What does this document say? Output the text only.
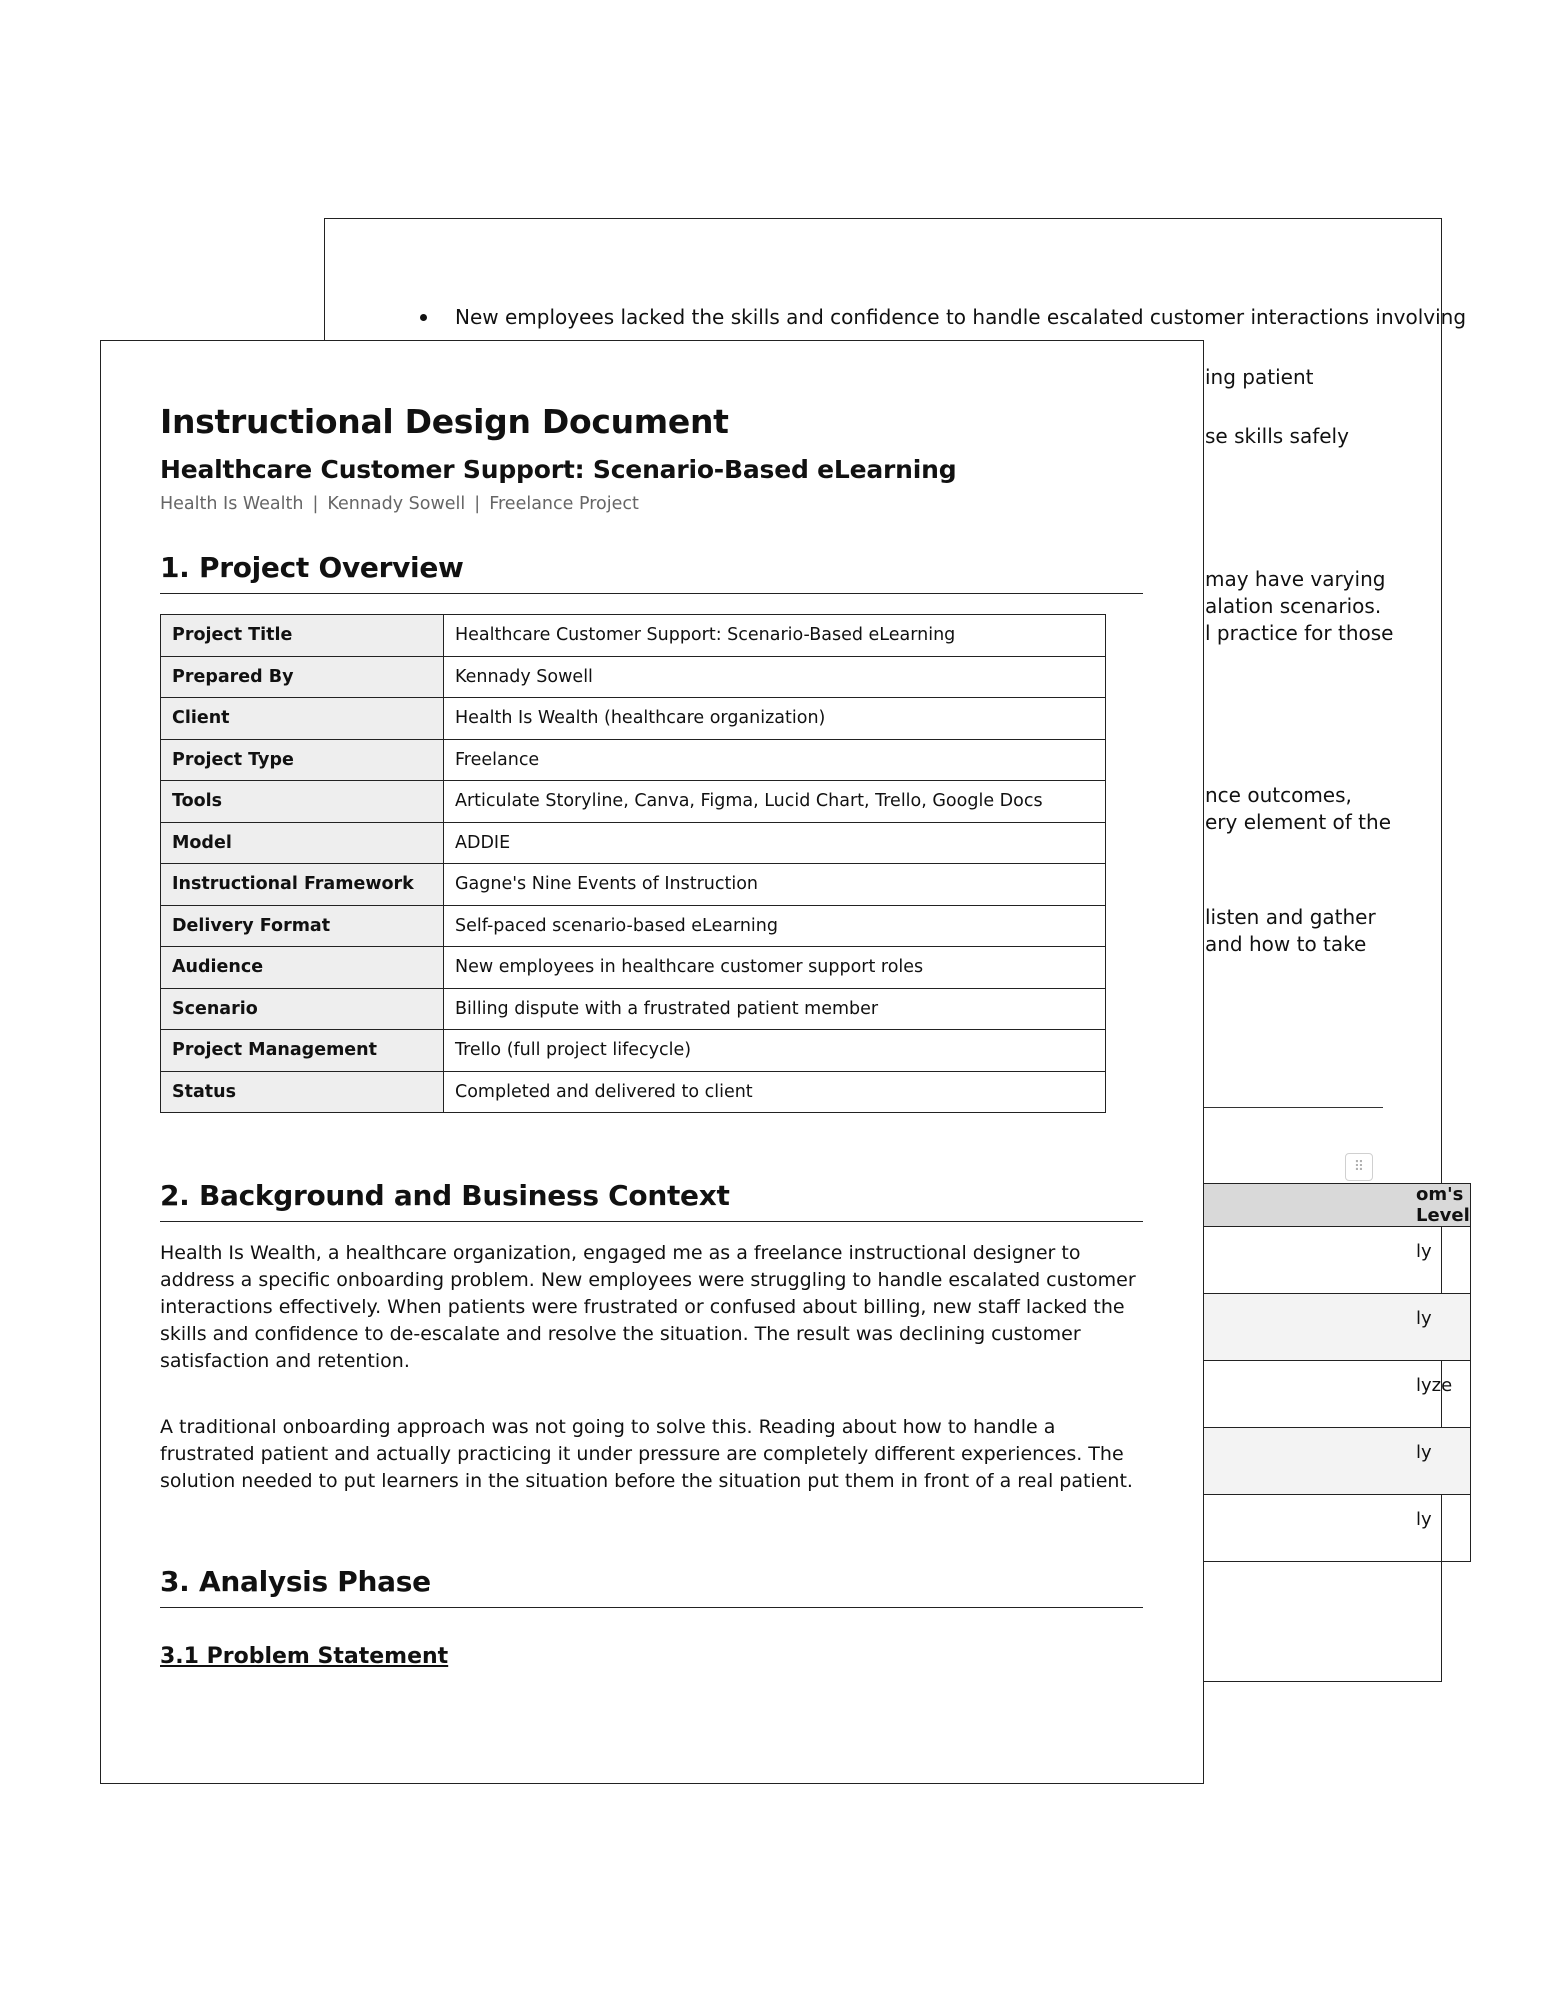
New employees lacked the skills and confidence to handle escalated customer interactions involving
ing patient
se skills safely
may have varying
alation scenarios.
l practice for those
nce outcomes,
ery element of the
listen and gather
and how to take
⠿
om's Level
ly
ly
lyze
ly
ly
Instructional Design Document
Healthcare Customer Support: Scenario-Based eLearning
Health Is Wealth | Kennady Sowell | Freelance Project
1. Project Overview
Project Title	Healthcare Customer Support: Scenario-Based eLearning
Prepared By	Kennady Sowell
Client	Health Is Wealth (healthcare organization)
Project Type	Freelance
Tools	Articulate Storyline, Canva, Figma, Lucid Chart, Trello, Google Docs
Model	ADDIE
Instructional Framework	Gagne's Nine Events of Instruction
Delivery Format	Self-paced scenario-based eLearning
Audience	New employees in healthcare customer support roles
Scenario	Billing dispute with a frustrated patient member
Project Management	Trello (full project lifecycle)
Status	Completed and delivered to client
2. Background and Business Context

Health Is Wealth, a healthcare organization, engaged me as a freelance instructional designer to address a specific onboarding problem. New employees were struggling to handle escalated customer interactions effectively. When patients were frustrated or confused about billing, new staff lacked the skills and confidence to de-escalate and resolve the situation. The result was declining customer satisfaction and retention.

A traditional onboarding approach was not going to solve this. Reading about how to handle a frustrated patient and actually practicing it under pressure are completely different experiences. The solution needed to put learners in the situation before the situation put them in front of a real patient.

3. Analysis Phase
3.1 Problem Statement
